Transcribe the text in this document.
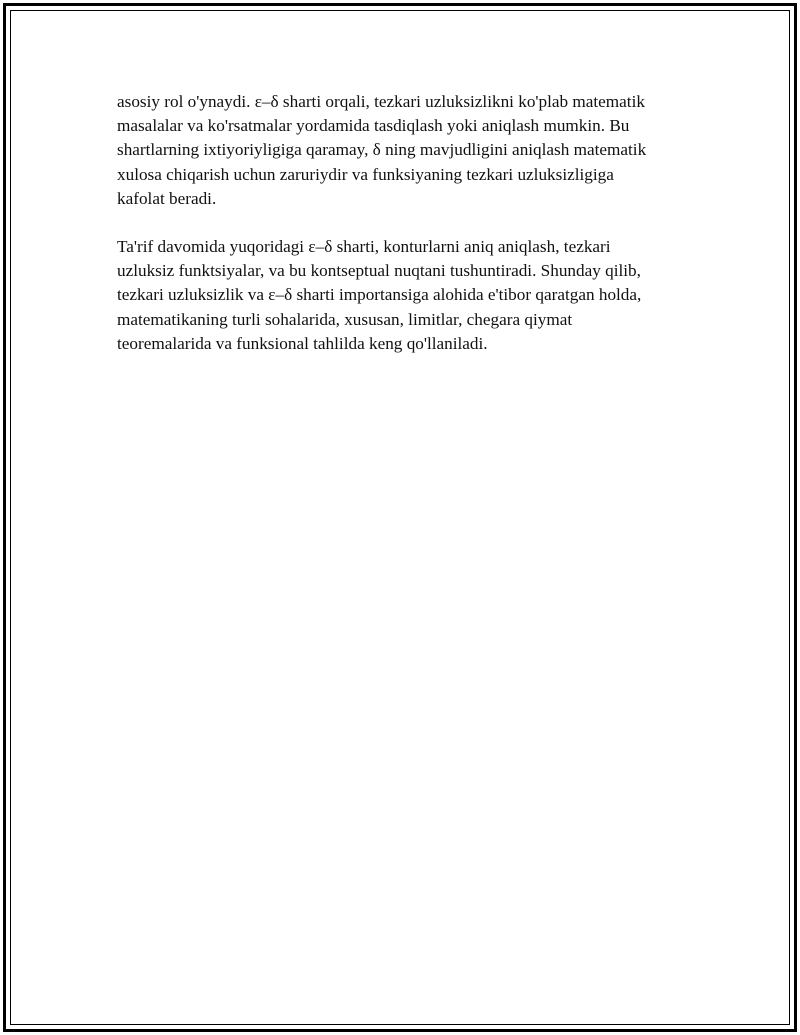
asosiy rol o'ynaydi. ε–δ sharti orqali, tezkari uzluksizlikni ko'plab matematik
masalalar va ko'rsatmalar yordamida tasdiqlash yoki aniqlash mumkin. Bu
shartlarning ixtiyoriyligiga qaramay, δ ning mavjudligini aniqlash matematik
xulosa chiqarish uchun zaruriydir va funksiyaning tezkari uzluksizligiga
kafolat beradi.

Ta'rif davomida yuqoridagi ε–δ sharti, konturlarni aniq aniqlash, tezkari
uzluksiz funktsiyalar, va bu kontseptual nuqtani tushuntiradi. Shunday qilib,
tezkari uzluksizlik va ε–δ sharti importansiga alohida e'tibor qaratgan holda,
matematikaning turli sohalarida, xususan, limitlar, chegara qiymat
teoremalarida va funksional tahlilda keng qo'llaniladi.
